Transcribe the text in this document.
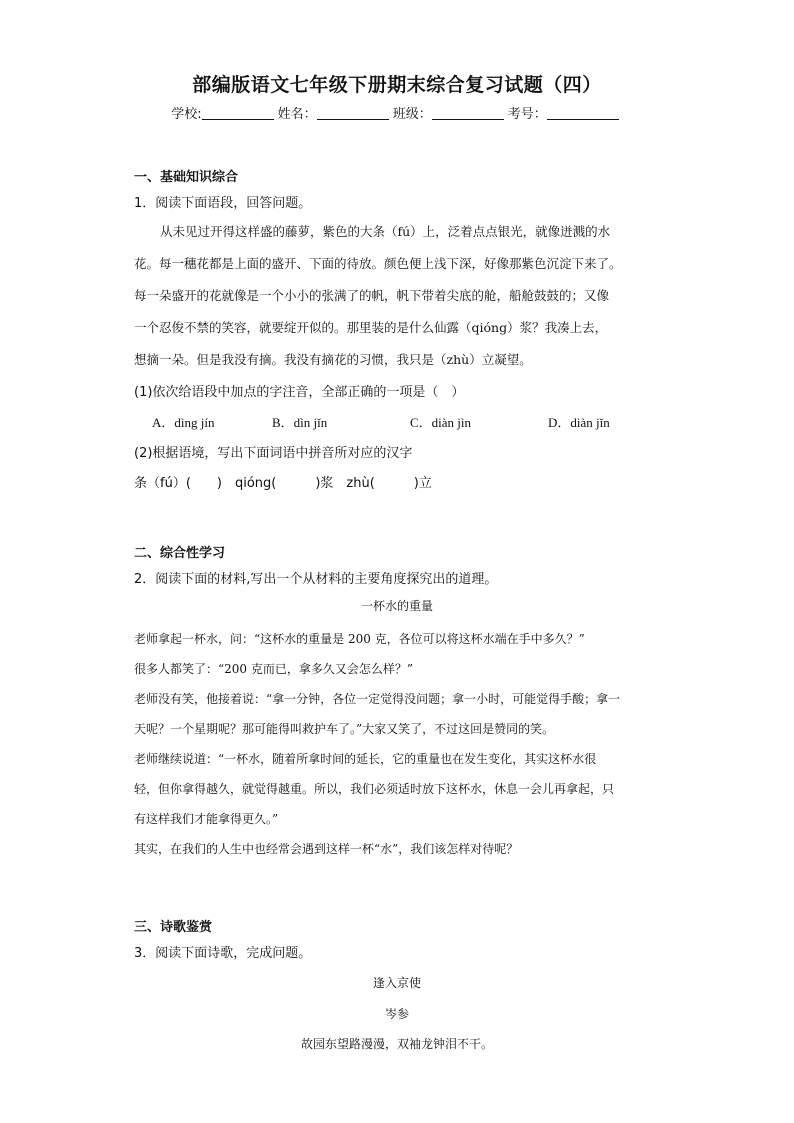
部编版语文七年级下册期末综合复习试题（四）
学校:	姓名：	班级：	考号：
一、基础知识综合
1．阅读下面语段，回答问题。
从未见过开得这样盛的藤萝，紫色的大条（fú）上，泛着点点银光，就像迸溅的水
花。每一穗花都是上面的盛开、下面的待放。颜色便上浅下深，好像那紫色沉淀下来了。
每一朵盛开的花就像是一个小小的张满了的帆，帆下带着尖底的舱，船舱鼓鼓的；又像
一个忍俊不禁的笑容，就要绽开似的。那里装的是什么仙露（qióng）浆？我凑上去，
想摘一朵。但是我没有摘。我没有摘花的习惯，我只是（zhù）立凝望。
(1)依次给语段中加点的字注音，全部正确的一项是（　）
A．dìng jín	B．dìn jǐn	C．diàn jìn	D．diàn jǐn
(2)根据语境，写出下面词语中拼音所对应的汉字
条（fú）(　　)　qióng(　　　)浆　zhù(　　　)立
二、综合性学习
2．阅读下面的材料,写出一个从材料的主要角度探究出的道理。
一杯水的重量

老师拿起一杯水，问：“这杯水的重量是 200 克，各位可以将这杯水端在手中多久？”

很多人都笑了：“200 克而已，拿多久又会怎么样？”

老师没有笑，他接着说：“拿一分钟，各位一定觉得没问题；拿一小时，可能觉得手酸；拿一

天呢？一个星期呢？那可能得叫救护车了。”大家又笑了，不过这回是赞同的笑。

老师继续说道：“一杯水，随着所拿时间的延长，它的重量也在发生变化，其实这杯水很

轻，但你拿得越久，就觉得越重。所以，我们必须适时放下这杯水，休息一会儿再拿起，只

有这样我们才能拿得更久。”

其实，在我们的人生中也经常会遇到这样一杯“水”，我们该怎样对待呢？

三、诗歌鉴赏
3．阅读下面诗歌，完成问题。
逢入京使
岑参
故园东望路漫漫，双袖龙钟泪不干。
